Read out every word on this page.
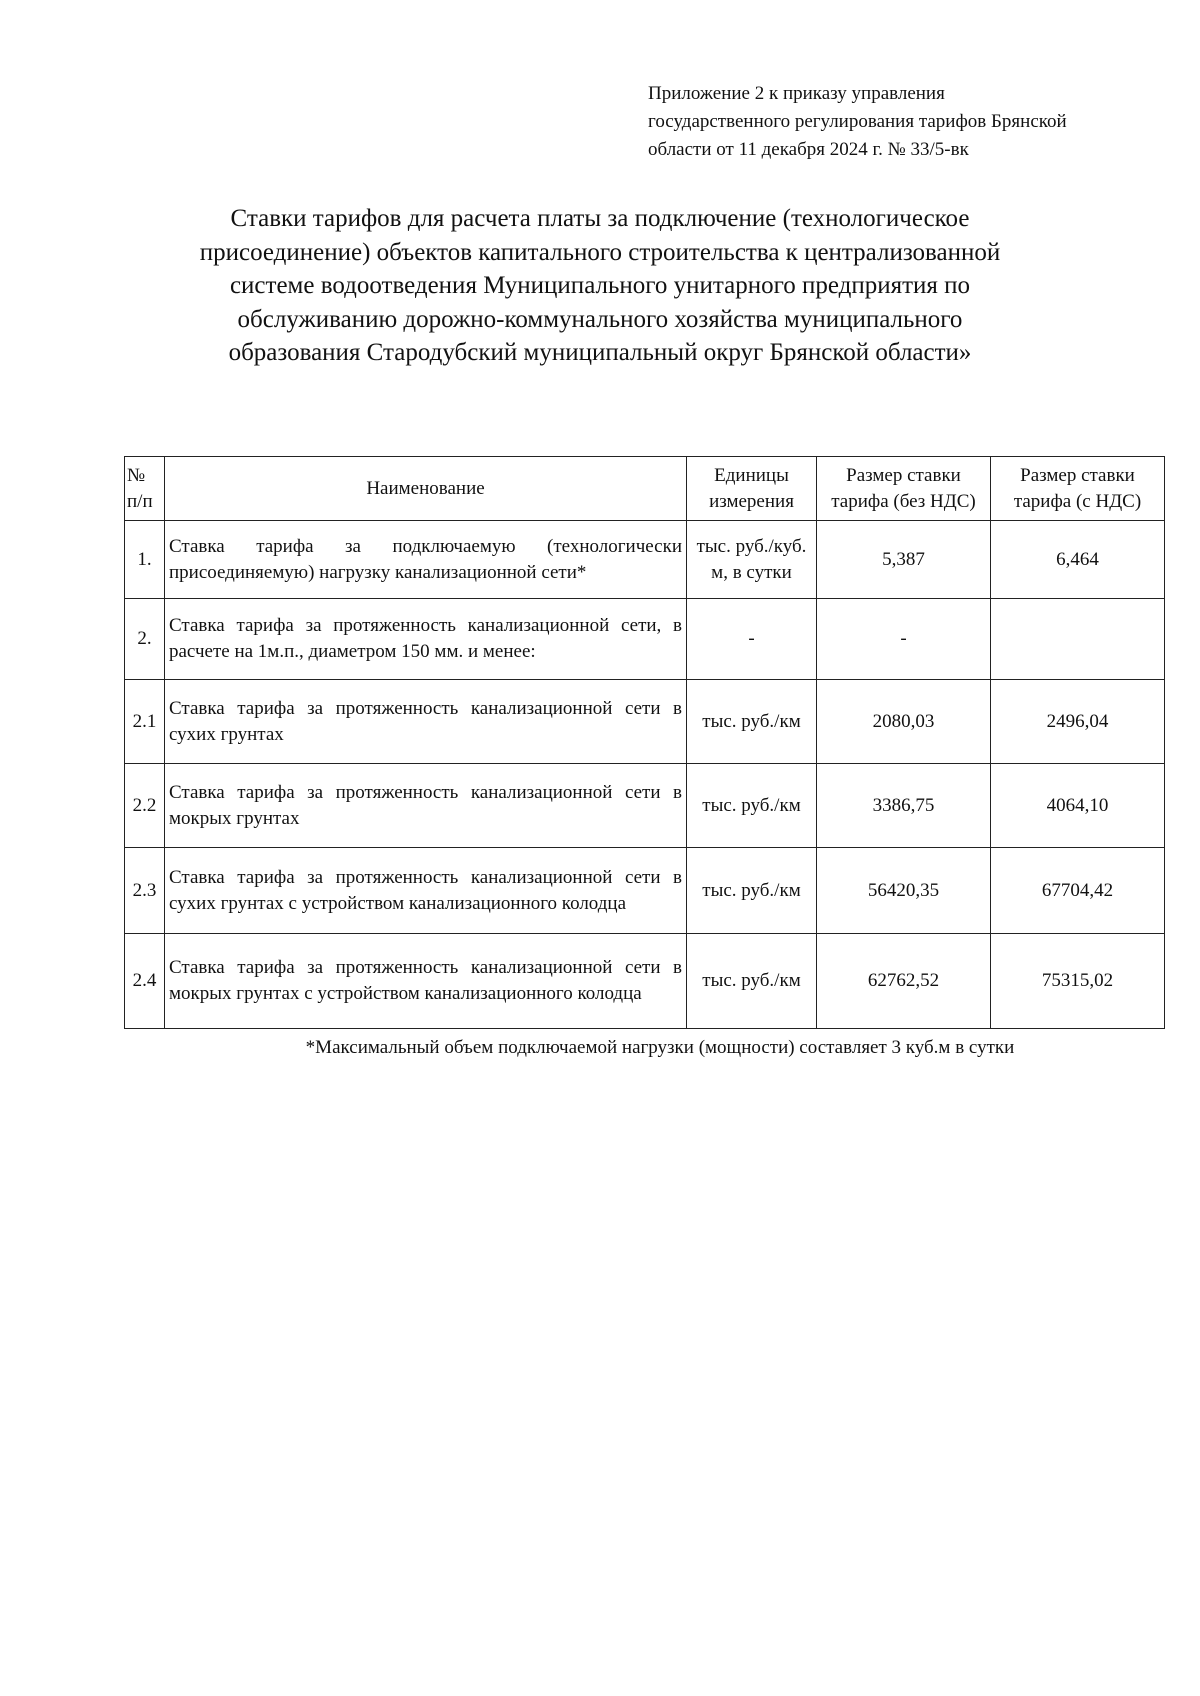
Приложение 2 к приказу управления
государственного регулирования тарифов Брянской
области от 11 декабря 2024 г. № 33/5-вк
Ставки тарифов для расчета платы за подключение (технологическое
присоединение) объектов капитального строительства к централизованной
системе водоотведения Муниципального унитарного предприятия по
обслуживанию дорожно-коммунального хозяйства муниципального
образования Стародубский муниципальный округ Брянской области»
№ п/п	Наименование	Единицы измерения	Размер ставки тарифа (без НДС)	Размер ставки тарифа (с НДС)
1.	Ставка тарифа за подключаемую (технологически присоединяемую) нагрузку канализационной сети*	тыс. руб./куб. м, в сутки	5,387	6,464
2.	Ставка тарифа за протяженность канализационной сети, в расчете на 1м.п., диаметром 150 мм. и менее:	-	-	
2.1	Ставка тарифа за протяженность канализационной сети в сухих грунтах	тыс. руб./км	2080,03	2496,04
2.2	Ставка тарифа за протяженность канализационной сети в мокрых грунтах	тыс. руб./км	3386,75	4064,10
2.3	Ставка тарифа за протяженность канализационной сети в сухих грунтах с устройством канализационного колодца	тыс. руб./км	56420,35	67704,42
2.4	Ставка тарифа за протяженность канализационной сети в мокрых грунтах с устройством канализационного колодца	тыс. руб./км	62762,52	75315,02
*Максимальный объем подключаемой нагрузки (мощности) составляет 3 куб.м в сутки
